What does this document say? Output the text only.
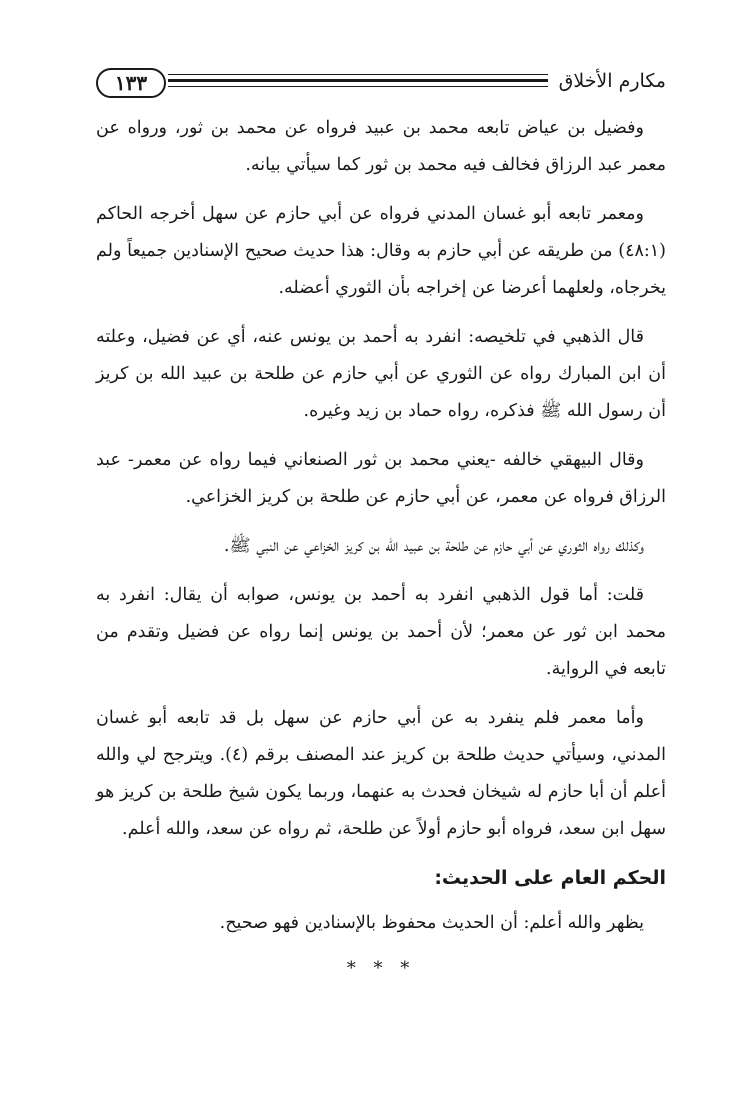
١٣٣	مكارم الأخلاق

وفضيل بن عياض تابعه محمد بن عبيد فرواه عن محمد بن ثور، ورواه عن معمر عبد الرزاق فخالف فيه محمد بن ثور كما سيأتي بيانه.

ومعمر تابعه أبو غسان المدني فرواه عن أبي حازم عن سهل أخرجه الحاكم (٤٨:١) من طريقه عن أبي حازم به وقال: هذا حديث صحيح الإسنادين جميعاً ولم يخرجاه، ولعلهما أعرضا عن إخراجه بأن الثوري أعضله.

قال الذهبي في تلخيصه: انفرد به أحمد بن يونس عنه، أي عن فضيل، وعلته أن ابن المبارك رواه عن الثوري عن أبي حازم عن طلحة بن عبيد الله بن كريز أن رسول الله ﷺ فذكره، رواه حماد بن زيد وغيره.

وقال البيهقي خالفه -يعني محمد بن ثور الصنعاني فيما رواه عن معمر- عبد الرزاق فرواه عن معمر، عن أبي حازم عن طلحة بن كريز الخزاعي.

وكذلك رواه الثوري عن أبي حازم عن طلحة بن عبيد الله بن كريز الخزاعي عن النبي ﷺ.

قلت: أما قول الذهبي انفرد به أحمد بن يونس، صوابه أن يقال: انفرد به محمد ابن ثور عن معمر؛ لأن أحمد بن يونس إنما رواه عن فضيل وتقدم من تابعه في الرواية.

وأما معمر فلم ينفرد به عن أبي حازم عن سهل بل قد تابعه أبو غسان المدني، وسيأتي حديث طلحة بن كريز عند المصنف برقم (٤). ويترجح لي والله أعلم أن أبا حازم له شيخان فحدث به عنهما، وربما يكون شيخ طلحة بن كريز هو سهل ابن سعد، فرواه أبو حازم أولاً عن طلحة، ثم رواه عن سعد، والله أعلم.

الحكم العام على الحديث:

يظهر والله أعلم: أن الحديث محفوظ بالإسنادين فهو صحيح.

* * *
